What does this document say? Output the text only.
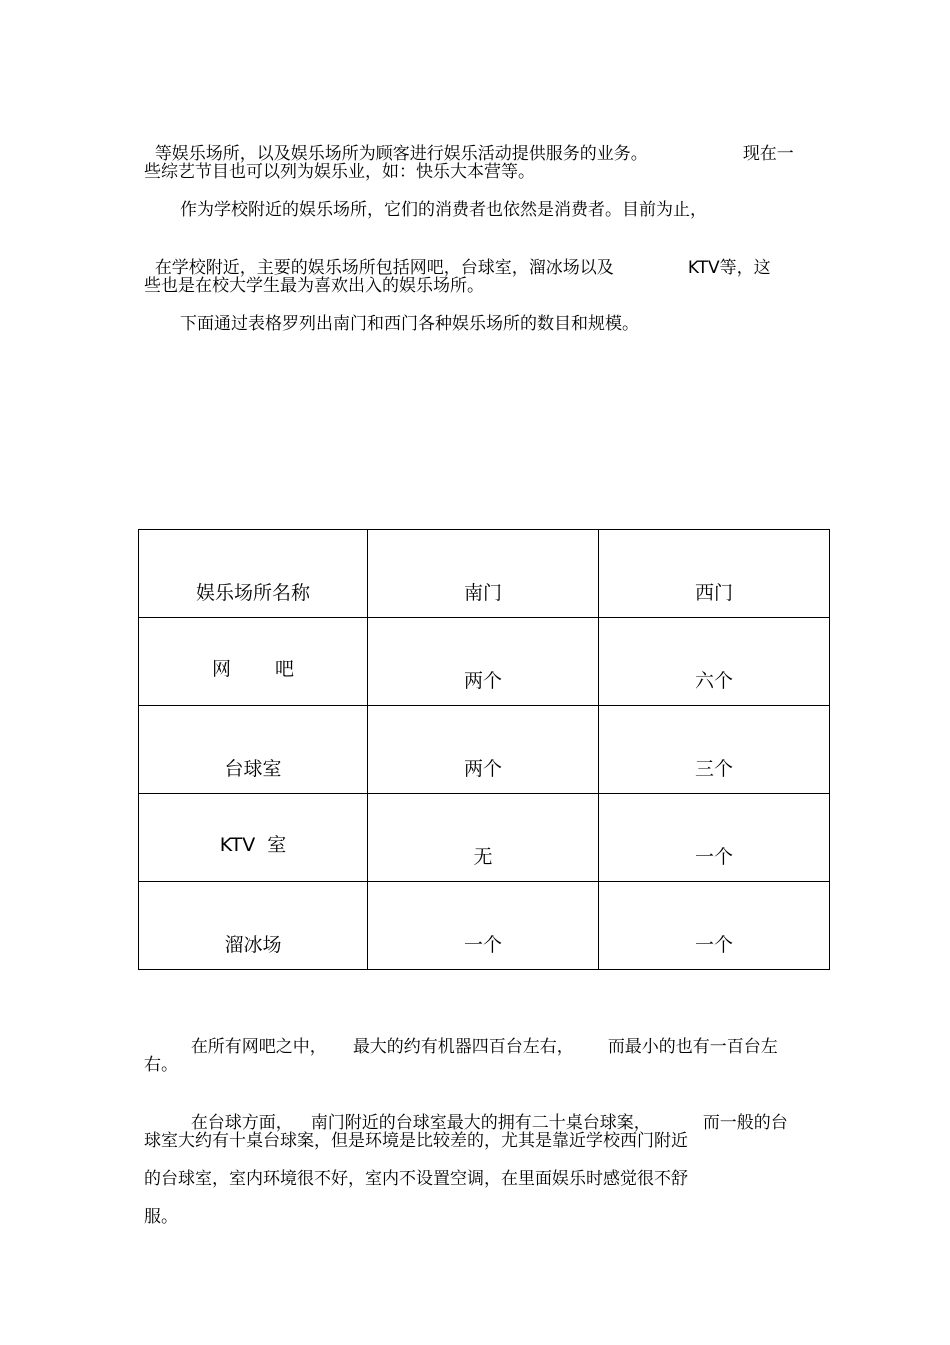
等娱乐场所，以及娱乐场所为顾客进行娱乐活动提供服务的业务。	现在一

些综艺节目也可以列为娱乐业，如：快乐大本营等。
作为学校附近的娱乐场所，它们的消费者也依然是消费者。目前为止，

在学校附近，主要的娱乐场所包括网吧，台球室，溜冰场以及	KTV等，这

些也是在校大学生最为喜欢出入的娱乐场所。
下面通过表格罗列出南门和西门各种娱乐场所的数目和规模。
娱乐场所名称	南门	西门
网 吧	两个	六个
台球室	两个	三个
KTV 室	无	一个
溜冰场	一个	一个

在所有网吧之中， 最大的约有机器四百台左右， 而最小的也有一百台左

右。

在台球方面， 南门附近的台球室最大的拥有二十桌台球案，	而一般的台

球室大约有十桌台球案，但是环境是比较差的，尤其是靠近学校西门附近
的台球室，室内环境很不好，室内不设置空调，在里面娱乐时感觉很不舒
服。
